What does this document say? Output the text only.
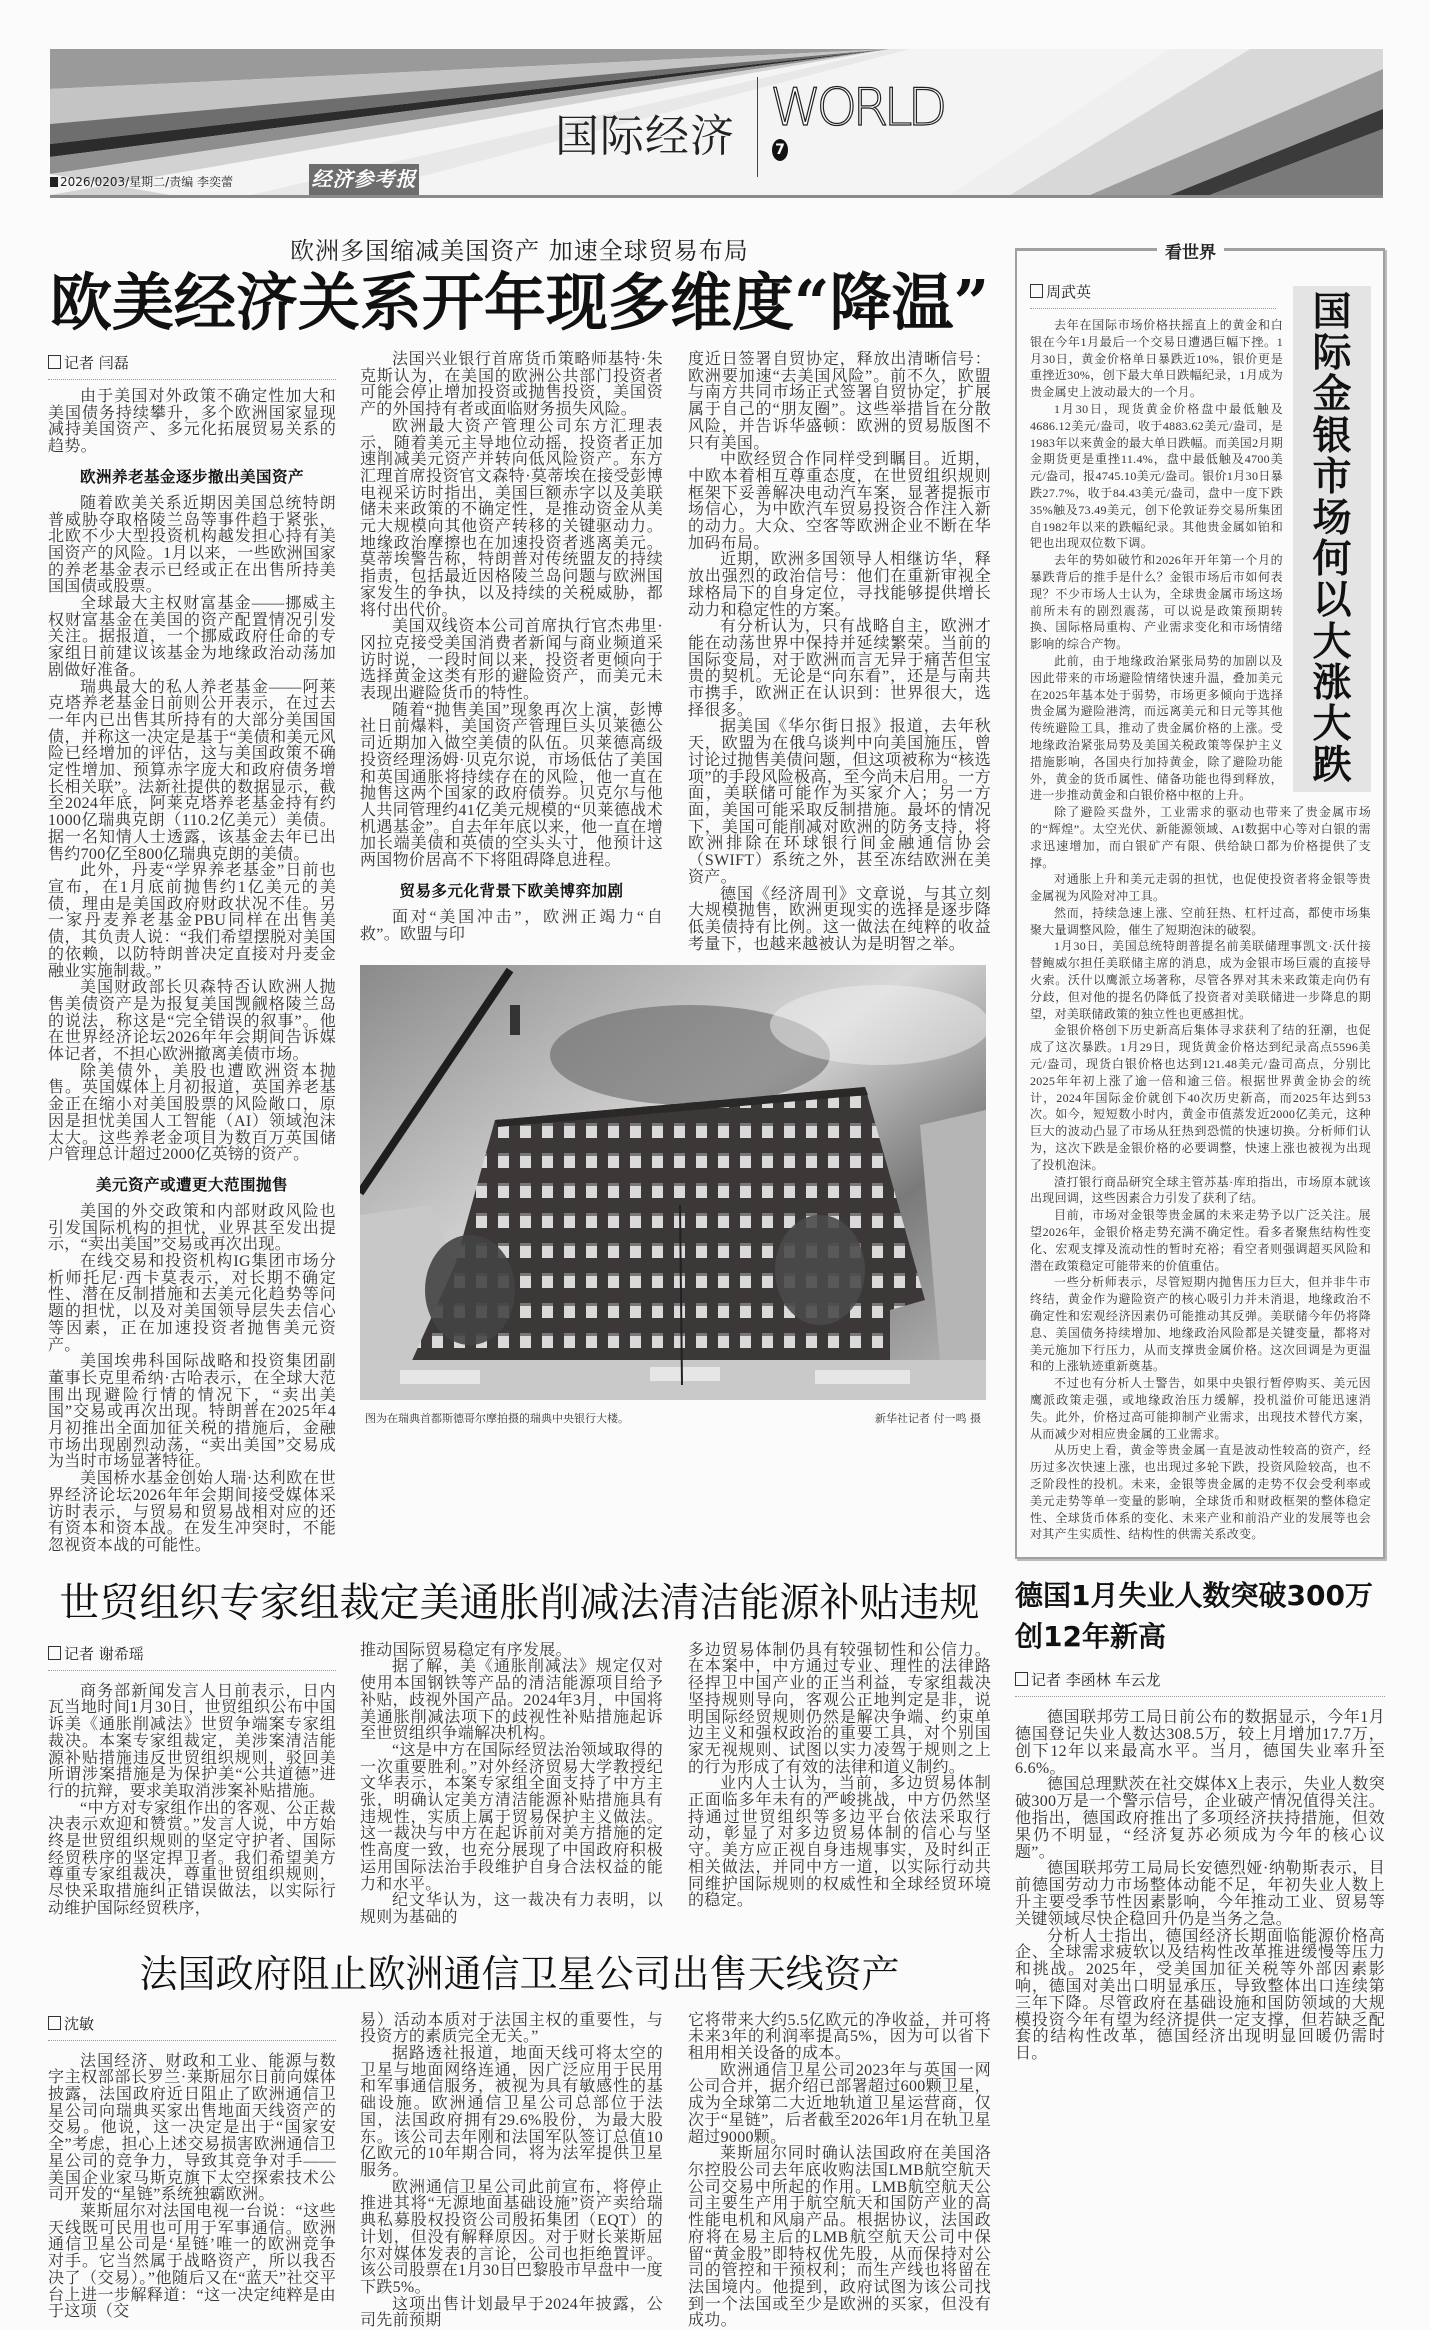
国际经济 WORLD
7
2026/0203/星期二/责编 李奕蕾	经济参考报
欧洲多国缩减美国资产 加速全球贸易布局
欧美经济关系开年现多维度“降温”
记者 闫磊

由于美国对外政策不确定性加大和美国债务持续攀升，多个欧洲国家显现减持美国资产、多元化拓展贸易关系的趋势。

欧洲养老基金逐步撤出美国资产

随着欧美关系近期因美国总统特朗普威胁夺取格陵兰岛等事件趋于紧张，北欧不少大型投资机构越发担心持有美国资产的风险。1月以来，一些欧洲国家的养老基金表示已经或正在出售所持美国国债或股票。

全球最大主权财富基金——挪威主权财富基金在美国的资产配置情况引发关注。据报道，一个挪威政府任命的专家组日前建议该基金为地缘政治动荡加剧做好准备。

瑞典最大的私人养老基金——阿莱克塔养老基金日前则公开表示，在过去一年内已出售其所持有的大部分美国国债，并称这一决定是基于“美债和美元风险已经增加的评估，这与美国政策不确定性增加、预算赤字庞大和政府债务增长相关联”。法新社提供的数据显示，截至2024年底，阿莱克塔养老基金持有约1000亿瑞典克朗（110.2亿美元）美债。据一名知情人士透露，该基金去年已出售约700亿至800亿瑞典克朗的美债。

此外，丹麦“学界养老基金”日前也宣布，在1月底前抛售约1亿美元的美债，理由是美国政府财政状况不佳。另一家丹麦养老基金PBU同样在出售美债，其负责人说：“我们希望摆脱对美国的依赖，以防特朗普决定直接对丹麦金融业实施制裁。”

美国财政部长贝森特否认欧洲人抛售美债资产是为报复美国觊觎格陵兰岛的说法，称这是“完全错误的叙事”。他在世界经济论坛2026年年会期间告诉媒体记者，不担心欧洲撤离美债市场。

除美债外，美股也遭欧洲资本抛售。英国媒体上月初报道，英国养老基金正在缩小对美国股票的风险敞口，原因是担忧美国人工智能（AI）领域泡沫太大。这些养老金项目为数百万英国储户管理总计超过2000亿英镑的资产。

美元资产或遭更大范围抛售

美国的外交政策和内部财政风险也引发国际机构的担忧，业界甚至发出提示，“卖出美国”交易或再次出现。

在线交易和投资机构IG集团市场分析师托尼·西卡莫表示，对长期不确定性、潜在反制措施和去美元化趋势等问题的担忧，以及对美国领导层失去信心等因素，正在加速投资者抛售美元资产。

美国埃弗科国际战略和投资集团副董事长克里希纳·古哈表示，在全球大范围出现避险行情的情况下，“卖出美国”交易或再次出现。特朗普在2025年4月初推出全面加征关税的措施后，金融市场出现剧烈动荡，“卖出美国”交易成为当时市场显著特征。

美国桥水基金创始人瑞·达利欧在世界经济论坛2026年年会期间接受媒体采访时表示，与贸易和贸易战相对应的还有资本和资本战。在发生冲突时，不能忽视资本战的可能性。

法国兴业银行首席货币策略师基特·朱克斯认为，在美国的欧洲公共部门投资者可能会停止增加投资或抛售投资，美国资产的外国持有者或面临财务损失风险。

欧洲最大资产管理公司东方汇理表示，随着美元主导地位动摇，投资者正加速削减美元资产并转向低风险资产。东方汇理首席投资官文森特·莫蒂埃在接受彭博电视采访时指出，美国巨额赤字以及美联储未来政策的不确定性，是推动资金从美元大规模向其他资产转移的关键驱动力。地缘政治摩擦也在加速投资者逃离美元。莫蒂埃警告称，特朗普对传统盟友的持续指责，包括最近因格陵兰岛问题与欧洲国家发生的争执，以及持续的关税威胁，都将付出代价。

美国双线资本公司首席执行官杰弗里·冈拉克接受美国消费者新闻与商业频道采访时说，一段时间以来，投资者更倾向于选择黄金这类有形的避险资产，而美元未表现出避险货币的特性。

随着“抛售美国”现象再次上演，彭博社日前爆料，美国资产管理巨头贝莱德公司近期加入做空美债的队伍。贝莱德高级投资经理汤姆·贝克尔说，市场低估了美国和英国通胀将持续存在的风险，他一直在抛售这两个国家的政府债券。贝克尔与他人共同管理约41亿美元规模的“贝莱德战术机遇基金”。自去年年底以来，他一直在增加长端美债和英债的空头头寸，他预计这两国物价居高不下将阻碍降息进程。

贸易多元化背景下欧美博弈加剧

面对“美国冲击”，欧洲正竭力“自救”。欧盟与印

度近日签署自贸协定，释放出清晰信号：欧洲要加速“去美国风险”。前不久，欧盟与南方共同市场正式签署自贸协定，扩展属于自己的“朋友圈”。这些举措旨在分散风险，并告诉华盛顿：欧洲的贸易版图不只有美国。

中欧经贸合作同样受到瞩目。近期，中欧本着相互尊重态度，在世贸组织规则框架下妥善解决电动汽车案，显著提振市场信心，为中欧汽车贸易投资合作注入新的动力。大众、空客等欧洲企业不断在华加码布局。

近期，欧洲多国领导人相继访华，释放出强烈的政治信号：他们在重新审视全球格局下的自身定位，寻找能够提供增长动力和稳定性的方案。

有分析认为，只有战略自主，欧洲才能在动荡世界中保持并延续繁荣。当前的国际变局，对于欧洲而言无异于痛苦但宝贵的契机。无论是“向东看”，还是与南共市携手，欧洲正在认识到：世界很大，选择很多。

据美国《华尔街日报》报道，去年秋天，欧盟为在俄乌谈判中向美国施压，曾讨论过抛售美债问题，但这项被称为“核选项”的手段风险极高，至今尚未启用。一方面，美联储可能作为买家介入；另一方面，美国可能采取反制措施。最坏的情况下，美国可能削减对欧洲的防务支持，将欧洲排除在环球银行间金融通信协会（SWIFT）系统之外，甚至冻结欧洲在美资产。

德国《经济周刊》文章说，与其立刻大规模抛售，欧洲更现实的选择是逐步降低美债持有比例。这一做法在纯粹的收益考量下，也越来越被认为是明智之举。

图为在瑞典首都斯德哥尔摩拍摄的瑞典中央银行大楼。	新华社记者 付一鸣 摄
世贸组织专家组裁定美通胀削减法清洁能源补贴违规
记者 谢希瑶

商务部新闻发言人日前表示，日内瓦当地时间1月30日，世贸组织公布中国诉美《通胀削减法》世贸争端案专家组裁决。本案专家组裁定，美涉案清洁能源补贴措施违反世贸组织规则，驳回美所谓涉案措施是为保护美“公共道德”进行的抗辩，要求美取消涉案补贴措施。

“中方对专家组作出的客观、公正裁决表示欢迎和赞赏。”发言人说，中方始终是世贸组织规则的坚定守护者、国际经贸秩序的坚定捍卫者。我们希望美方尊重专家组裁决，尊重世贸组织规则，尽快采取措施纠正错误做法，以实际行动维护国际经贸秩序，

推动国际贸易稳定有序发展。

据了解，美《通胀削减法》规定仅对使用本国钢铁等产品的清洁能源项目给予补贴，歧视外国产品。2024年3月，中国将美通胀削减法项下的歧视性补贴措施起诉至世贸组织争端解决机构。

“这是中方在国际经贸法治领域取得的一次重要胜利。”对外经济贸易大学教授纪文华表示，本案专家组全面支持了中方主张，明确认定美方清洁能源补贴措施具有违规性，实质上属于贸易保护主义做法。这一裁决与中方在起诉前对美方措施的定性高度一致，也充分展现了中国政府积极运用国际法治手段维护自身合法权益的能力和水平。

纪文华认为，这一裁决有力表明，以规则为基础的

多边贸易体制仍具有较强韧性和公信力。在本案中，中方通过专业、理性的法律路径捍卫中国产业的正当利益，专家组裁决坚持规则导向，客观公正地判定是非，说明国际经贸规则仍然是解决争端、约束单边主义和强权政治的重要工具，对个别国家无视规则、试图以实力凌驾于规则之上的行为形成了有效的法律和道义制约。

业内人士认为，当前，多边贸易体制正面临多年未有的严峻挑战，中方仍然坚持通过世贸组织等多边平台依法采取行动，彰显了对多边贸易体制的信心与坚守。美方应正视自身违规事实，及时纠正相关做法，并同中方一道，以实际行动共同维护国际规则的权威性和全球经贸环境的稳定。

法国政府阻止欧洲通信卫星公司出售天线资产
沈敏

法国经济、财政和工业、能源与数字主权部部长罗兰·莱斯屈尔日前向媒体披露，法国政府近日阻止了欧洲通信卫星公司向瑞典买家出售地面天线资产的交易。他说，这一决定是出于“国家安全”考虑，担心上述交易损害欧洲通信卫星公司的竞争力，导致其竞争对手——美国企业家马斯克旗下太空探索技术公司开发的“星链”系统独霸欧洲。

莱斯屈尔对法国电视一台说：“这些天线既可民用也可用于军事通信。欧洲通信卫星公司是‘星链’唯一的欧洲竞争对手。它当然属于战略资产，所以我否决了（交易）。”他随后又在“蓝天”社交平台上进一步解释道：“这一决定纯粹是由于这项（交

易）活动本质对于法国主权的重要性，与投资方的素质完全无关。”

据路透社报道，地面天线可将太空的卫星与地面网络连通，因广泛应用于民用和军事通信服务，被视为具有敏感性的基础设施。欧洲通信卫星公司总部位于法国，法国政府拥有29.6%股份，为最大股东。该公司去年刚和法国军队签订总值10亿欧元的10年期合同，将为法军提供卫星服务。

欧洲通信卫星公司此前宣布，将停止推进其将“无源地面基础设施”资产卖给瑞典私募股权投资公司殷拓集团（EQT）的计划，但没有解释原因。对于财长莱斯屈尔对媒体发表的言论，公司也拒绝置评。该公司股票在1月30日巴黎股市早盘中一度下跌5%。

这项出售计划最早于2024年披露，公司先前预期

它将带来大约5.5亿欧元的净收益，并可将未来3年的利润率提高5%，因为可以省下租用相关设备的成本。

欧洲通信卫星公司2023年与英国一网公司合并，据介绍已部署超过600颗卫星，成为全球第二大近地轨道卫星运营商，仅次于“星链”，后者截至2026年1月在轨卫星超过9000颗。

莱斯屈尔同时确认法国政府在美国洛尔控股公司去年底收购法国LMB航空航天公司交易中所起的作用。LMB航空航天公司主要生产用于航空航天和国防产业的高性能电机和风扇产品。根据协议，法国政府将在易主后的LMB航空航天公司中保留“黄金股”即特权优先股，从而保持对公司的管控和干预权利；而生产线也将留在法国境内。他提到，政府试图为该公司找到一个法国或至少是欧洲的买家，但没有成功。

看世界
国
际
金
银
市
场
何
以
大
涨
大
跌
周武英

去年在国际市场价格扶摇直上的黄金和白银在今年1月最后一个交易日遭遇巨幅下挫。1月30日，黄金价格单日暴跌近10%，银价更是重挫近30%，创下最大单日跌幅纪录，1月成为贵金属史上波动最大的一个月。

1月30日，现货黄金价格盘中最低触及4686.12美元/盎司，收于4883.62美元/盎司，是1983年以来黄金的最大单日跌幅。而美国2月期金期货更是重挫11.4%，盘中最低触及4700美元/盎司，报4745.10美元/盎司。银价1月30日暴跌27.7%，收于84.43美元/盎司，盘中一度下跌35%触及73.49美元，创下伦敦证券交易所集团自1982年以来的跌幅纪录。其他贵金属如铂和钯也出现双位数下调。

去年的势如破竹和2026年开年第一个月的暴跌背后的推手是什么？金银市场后市如何表现？不少市场人士认为，全球贵金属市场这场前所未有的剧烈震荡，可以说是政策预期转换、国际格局重构、产业需求变化和市场情绪影响的综合产物。

此前，由于地缘政治紧张局势的加剧以及因此带来的市场避险情绪快速升温，叠加美元在2025年基本处于弱势，市场更多倾向于选择贵金属为避险港湾，而远离美元和日元等其他传统避险工具，推动了贵金属价格的上涨。受地缘政治紧张局势及美国关税政策等保护主义措施影响，各国央行加持黄金，除了避险功能外，黄金的货币属性、储备功能也得到释放，进一步推动黄金和白银价格中枢的上升。

除了避险买盘外，工业需求的驱动也带来了贵金属市场的“辉煌”。太空光伏、新能源领域、AI数据中心等对白银的需求迅速增加，而白银矿产有限、供给缺口都为价格提供了支撑。

对通胀上升和美元走弱的担忧，也促使投资者将金银等贵金属视为风险对冲工具。

然而，持续急速上涨、空前狂热、杠杆过高，都使市场集聚大量调整风险，催生了短期泡沫的破裂。

1月30日，美国总统特朗普提名前美联储理事凯文·沃什接替鲍威尔担任美联储主席的消息，成为金银市场巨震的直接导火索。沃什以鹰派立场著称，尽管各界对其未来政策走向仍有分歧，但对他的提名仍降低了投资者对美联储进一步降息的期望，对美联储政策的独立性也更感担忧。

金银价格创下历史新高后集体寻求获利了结的狂潮，也促成了这次暴跌。1月29日，现货黄金价格达到纪录高点5596美元/盎司，现货白银价格也达到121.48美元/盎司高点，分别比2025年年初上涨了逾一倍和逾三倍。根据世界黄金协会的统计，2024年国际金价就创下40次历史新高，而2025年达到53次。如今，短短数小时内，黄金市值蒸发近2000亿美元，这种巨大的波动凸显了市场从狂热到恐慌的快速切换。分析师们认为，这次下跌是金银价格的必要调整，快速上涨也被视为出现了投机泡沫。

渣打银行商品研究全球主管苏基·库珀指出，市场原本就该出现回调，这些因素合力引发了获利了结。

目前，市场对金银等贵金属的未来走势予以广泛关注。展望2026年，金银价格走势充满不确定性。看多者聚焦结构性变化、宏观支撑及流动性的暂时充裕；看空者则强调超买风险和潜在政策稳定可能带来的价值重估。

一些分析师表示，尽管短期内抛售压力巨大，但并非牛市终结，黄金作为避险资产的核心吸引力并未消退，地缘政治不确定性和宏观经济因素仍可能推动其反弹。美联储今年仍将降息、美国债务持续增加、地缘政治风险都是关键变量，都将对美元施加下行压力，从而支撑贵金属价格。这次回调是为更温和的上涨轨迹重新奠基。

不过也有分析人士警告，如果中央银行暂停购买、美元因鹰派政策走强，或地缘政治压力缓解，投机溢价可能迅速消失。此外，价格过高可能抑制产业需求，出现技术替代方案，从而减少对相应贵金属的工业需求。

从历史上看，黄金等贵金属一直是波动性较高的资产，经历过多次快速上涨，也出现过多轮下跌，投资风险较高，也不乏阶段性的投机。未来，金银等贵金属的走势不仅会受利率或美元走势等单一变量的影响，全球货币和财政框架的整体稳定性、全球货币体系的变化、未来产业和前沿产业的发展等也会对其产生实质性、结构性的供需关系改变。

德国1月失业人数突破300万
创12年新高
记者 李函林 车云龙

德国联邦劳工局日前公布的数据显示，今年1月德国登记失业人数达308.5万，较上月增加17.7万，创下12年以来最高水平。当月，德国失业率升至6.6%。

德国总理默茨在社交媒体X上表示，失业人数突破300万是一个警示信号，企业破产情况值得关注。他指出，德国政府推出了多项经济扶持措施，但效果仍不明显，“经济复苏必须成为今年的核心议题”。

德国联邦劳工局局长安德烈娅·纳勒斯表示，目前德国劳动力市场整体动能不足，年初失业人数上升主要受季节性因素影响，今年推动工业、贸易等关键领域尽快企稳回升仍是当务之急。

分析人士指出，德国经济长期面临能源价格高企、全球需求疲软以及结构性改革推进缓慢等压力和挑战。2025年，受美国加征关税等外部因素影响，德国对美出口明显承压，导致整体出口连续第三年下降。尽管政府在基础设施和国防领域的大规模投资今年有望为经济提供一定支撑，但若缺乏配套的结构性改革，德国经济出现明显回暖仍需时日。
